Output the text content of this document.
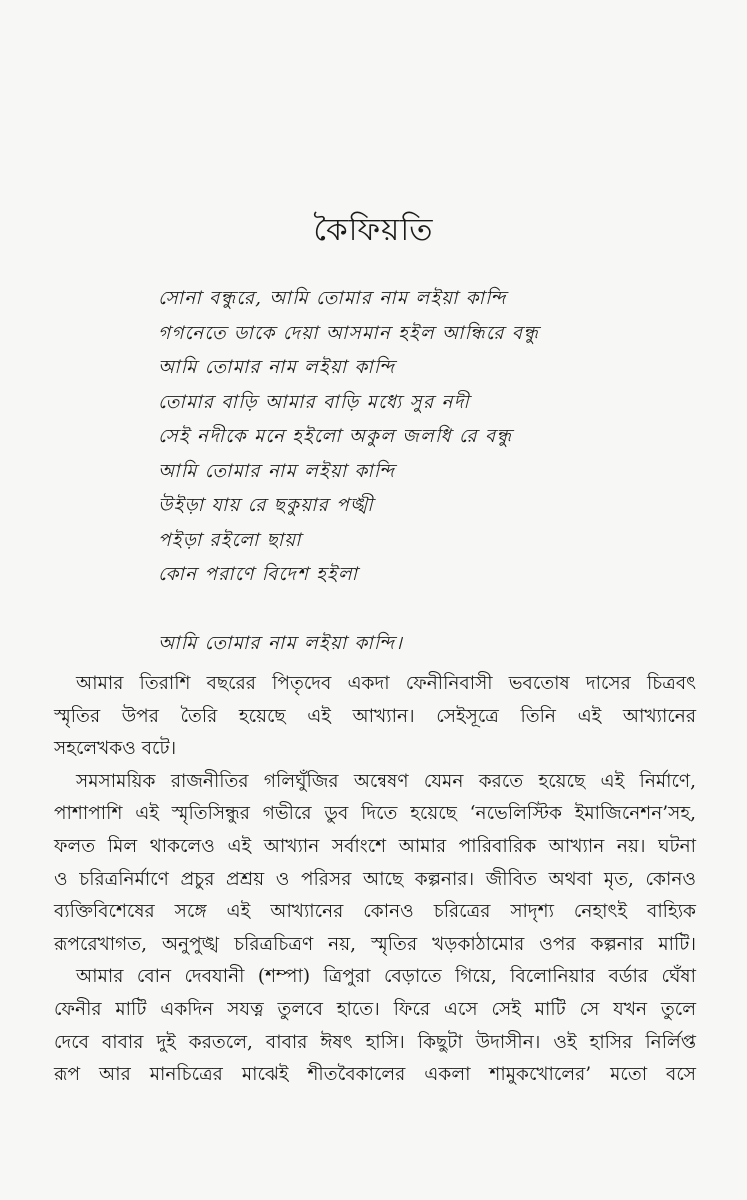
কৈফিয়তি
সোনা বন্ধুরে, আমি তোমার নাম লইয়া কান্দি
গগনেতে ডাকে দেয়া আসমান হইল আন্ধিরে বন্ধু
আমি তোমার নাম লইয়া কান্দি
তোমার বাড়ি আমার বাড়ি মধ্যে সুর নদী
সেই নদীকে মনে হইলো অকুল জলধি রে বন্ধু
আমি তোমার নাম লইয়া কান্দি
উইড়া যায় রে ছকুয়ার পঙ্খী
পইড়া রইলো ছায়া
কোন পরাণে বিদেশ হইলা
আমি তোমার নাম লইয়া কান্দি।
আমার তিরাশি বছরের পিতৃদেব একদা ফেনীনিবাসী ভবতোষ দাসের চিত্রবৎ
স্মৃতির উপর তৈরি হয়েছে এই আখ্যান। সেইসূত্রে তিনি এই আখ্যানের
সহলেখকও বটে।
সমসাময়িক রাজনীতির গলিঘুঁজির অন্বেষণ যেমন করতে হয়েছে এই নির্মাণে,
পাশাপাশি এই স্মৃতিসিন্ধুর গভীরে ডুব দিতে হয়েছে ‘নভেলিস্টিক ইমাজিনেশন’সহ,
ফলত মিল থাকলেও এই আখ্যান সর্বাংশে আমার পারিবারিক আখ্যান নয়। ঘটনা
ও চরিত্রনির্মাণে প্রচুর প্রশ্রয় ও পরিসর আছে কল্পনার। জীবিত অথবা মৃত, কোনও
ব্যক্তিবিশেষের সঙ্গে এই আখ্যানের কোনও চরিত্রের সাদৃশ্য নেহাৎই বাহ্যিক
রূপরেখাগত, অনুপুঙ্খ চরিত্রচিত্রণ নয়, স্মৃতির খড়কাঠামোর ওপর কল্পনার মাটি।
আমার বোন দেবযানী (শম্পা) ত্রিপুরা বেড়াতে গিয়ে, বিলোনিয়ার বর্ডার ঘেঁষা
ফেনীর মাটি একদিন সযত্ন তুলবে হাতে। ফিরে এসে সেই মাটি সে যখন তুলে
দেবে বাবার দুই করতলে, বাবার ঈষৎ হাসি। কিছুটা উদাসীন। ওই হাসির নির্লিপ্ত
রূপ আর মানচিত্রের মাঝেই শীতবৈকালের একলা শামুকখোলের’ মতো বসে
